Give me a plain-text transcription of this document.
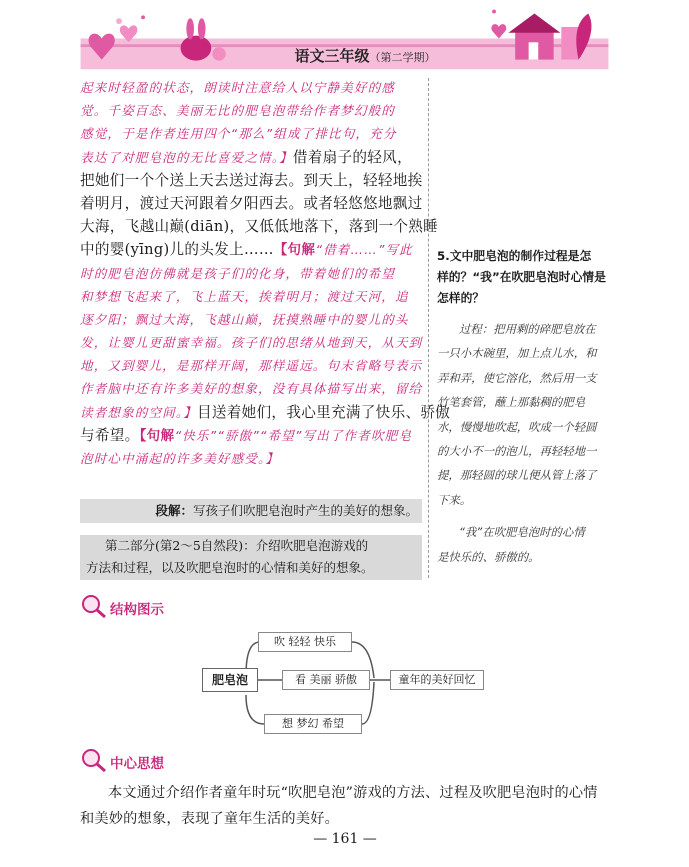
语文三年级（第二学期）
起来时轻盈的状态，朗读时注意给人以宁静美好的感
觉。千姿百态、美丽无比的肥皂泡带给作者梦幻般的
感觉，于是作者连用四个“那么”组成了排比句，充分
表达了对肥皂泡的无比喜爱之情。】借着扇子的轻风，
把她们一个个送上天去送过海去。到天上，轻轻地挨
着明月，渡过天河跟着夕阳西去。或者轻悠悠地飘过
大海，飞越山巅(diān)，又低低地落下，落到一个熟睡
中的婴(yīng)儿的头发上……【句解“借着……”写此
时的肥皂泡仿佛就是孩子们的化身，带着她们的希望
和梦想飞起来了，飞上蓝天，挨着明月；渡过天河，追
逐夕阳；飘过大海，飞越山巅，抚摸熟睡中的婴儿的头
发，让婴儿更甜蜜幸福。孩子们的思绪从地到天，从天到
地，又到婴儿，是那样开阔，那样遥远。句末省略号表示
作者脑中还有许多美好的想象，没有具体描写出来，留给
读者想象的空间。】目送着她们，我心里充满了快乐、骄傲
与希望。【句解“快乐”“骄傲”“希望”写出了作者吹肥皂
泡时心中涌起的许多美好感受。】
段解：写孩子们吹肥皂泡时产生的美好的想象。
第二部分(第2～5自然段)：介绍吹肥皂泡游戏的
方法和过程，以及吹肥皂泡时的心情和美好的想象。
5.文中肥皂泡的制作过程是怎
样的？“我”在吹肥皂泡时心情是
怎样的？
过程：把用剩的碎肥皂放在
一只小木碗里，加上点儿水，和
弄和弄，使它溶化，然后用一支
竹笔套管，蘸上那黏稠的肥皂
水，慢慢地吹起，吹成一个轻圆
的大小不一的泡儿，再轻轻地一
提，那轻圆的球儿便从管上落了
下来。
“我”在吹肥皂泡时的心情
是快乐的、骄傲的。
结构图示
肥皂泡
吹 轻轻 快乐
看 美丽 骄傲
想 梦幻 希望
童年的美好回忆
中心思想
本文通过介绍作者童年时玩“吹肥皂泡”游戏的方法、过程及吹肥皂泡时的心情
和美妙的想象，表现了童年生活的美好。
— 161 —
